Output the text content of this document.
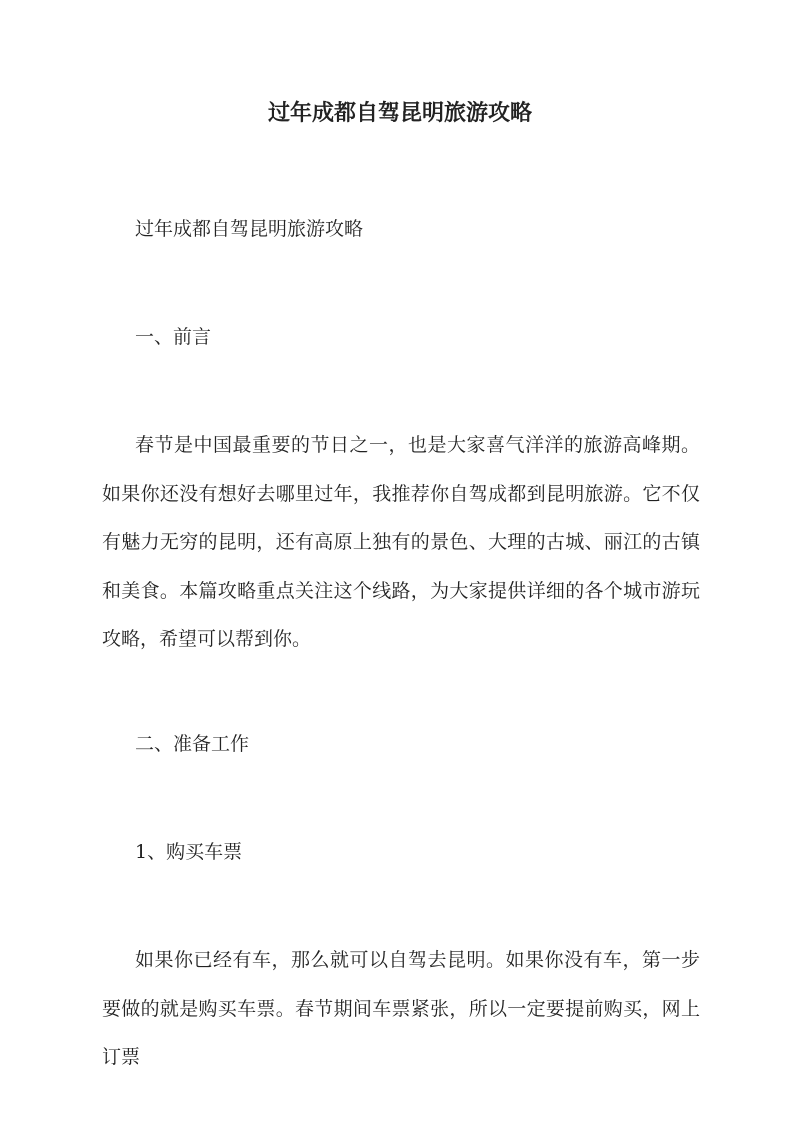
过年成都自驾昆明旅游攻略

过年成都自驾昆明旅游攻略

一、前言

春节是中国最重要的节日之一，也是大家喜气洋洋的旅游高峰期。如果你还没有想好去哪里过年，我推荐你自驾成都到昆明旅游。它不仅有魅力无穷的昆明，还有高原上独有的景色、大理的古城、丽江的古镇和美食。本篇攻略重点关注这个线路，为大家提供详细的各个城市游玩攻略，希望可以帮到你。

二、准备工作

1、购买车票

如果你已经有车，那么就可以自驾去昆明。如果你没有车，第一步要做的就是购买车票。春节期间车票紧张，所以一定要提前购买，网上订票
